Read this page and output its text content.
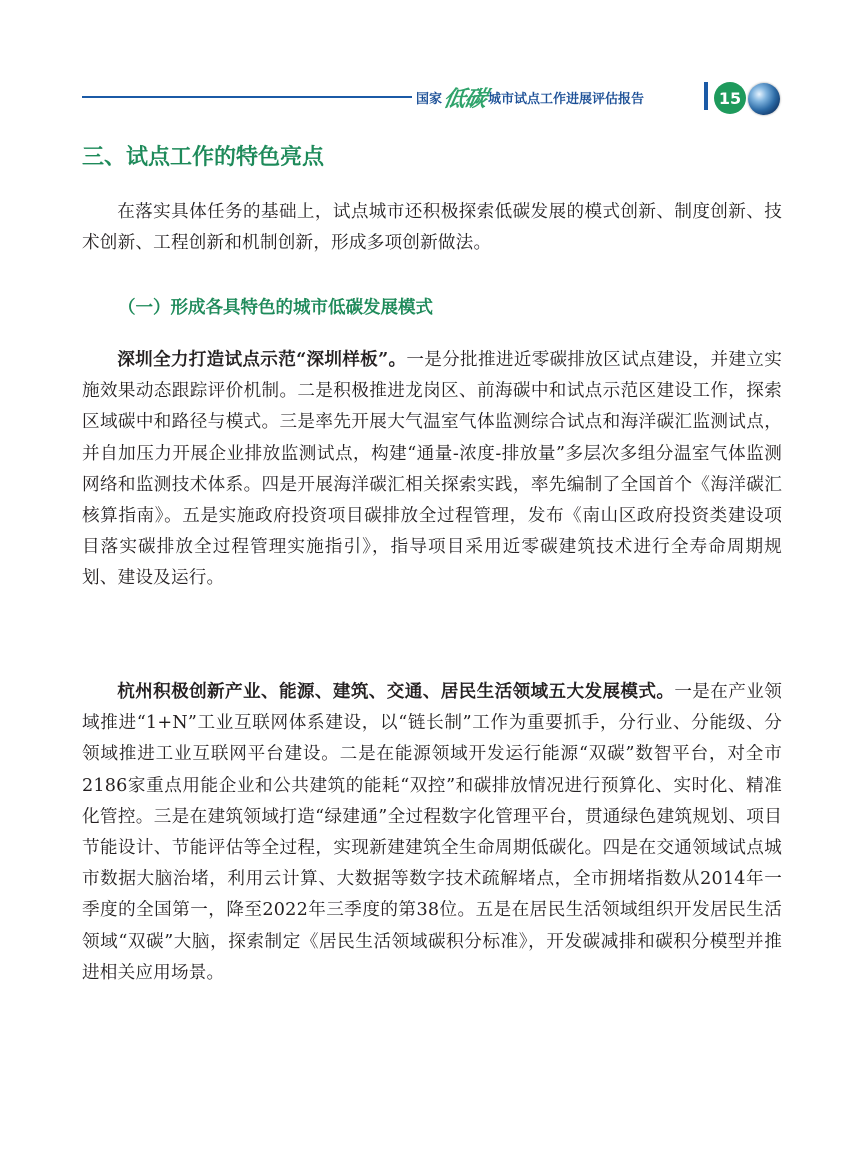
国家 低碳 城市试点工作进展评估报告	15
三、试点工作的特色亮点

在落实具体任务的基础上，试点城市还积极探索低碳发展的模式创新、制度创新、技术创新、工程创新和机制创新，形成多项创新做法。

（一）形成各具特色的城市低碳发展模式

深圳全力打造试点示范“深圳样板”。一是分批推进近零碳排放区试点建设，并建立实施效果动态跟踪评价机制。二是积极推进龙岗区、前海碳中和试点示范区建设工作，探索区域碳中和路径与模式。三是率先开展大气温室气体监测综合试点和海洋碳汇监测试点，并自加压力开展企业排放监测试点，构建“通量-浓度-排放量”多层次多组分温室气体监测网络和监测技术体系。四是开展海洋碳汇相关探索实践，率先编制了全国首个《海洋碳汇核算指南》。五是实施政府投资项目碳排放全过程管理，发布《南山区政府投资类建设项目落实碳排放全过程管理实施指引》，指导项目采用近零碳建筑技术进行全寿命周期规划、建设及运行。

杭州积极创新产业、能源、建筑、交通、居民生活领域五大发展模式。一是在产业领域推进“1+N”工业互联网体系建设，以“链长制”工作为重要抓手，分行业、分能级、分领域推进工业互联网平台建设。二是在能源领域开发运行能源“双碳”数智平台，对全市2186家重点用能企业和公共建筑的能耗“双控”和碳排放情况进行预算化、实时化、精准化管控。三是在建筑领域打造“绿建通”全过程数字化管理平台，贯通绿色建筑规划、项目节能设计、节能评估等全过程，实现新建建筑全生命周期低碳化。四是在交通领域试点城市数据大脑治堵，利用云计算、大数据等数字技术疏解堵点，全市拥堵指数从2014年一季度的全国第一，降至2022年三季度的第38位。五是在居民生活领域组织开发居民生活领域“双碳”大脑，探索制定《居民生活领域碳积分标准》，开发碳减排和碳积分模型并推进相关应用场景。
